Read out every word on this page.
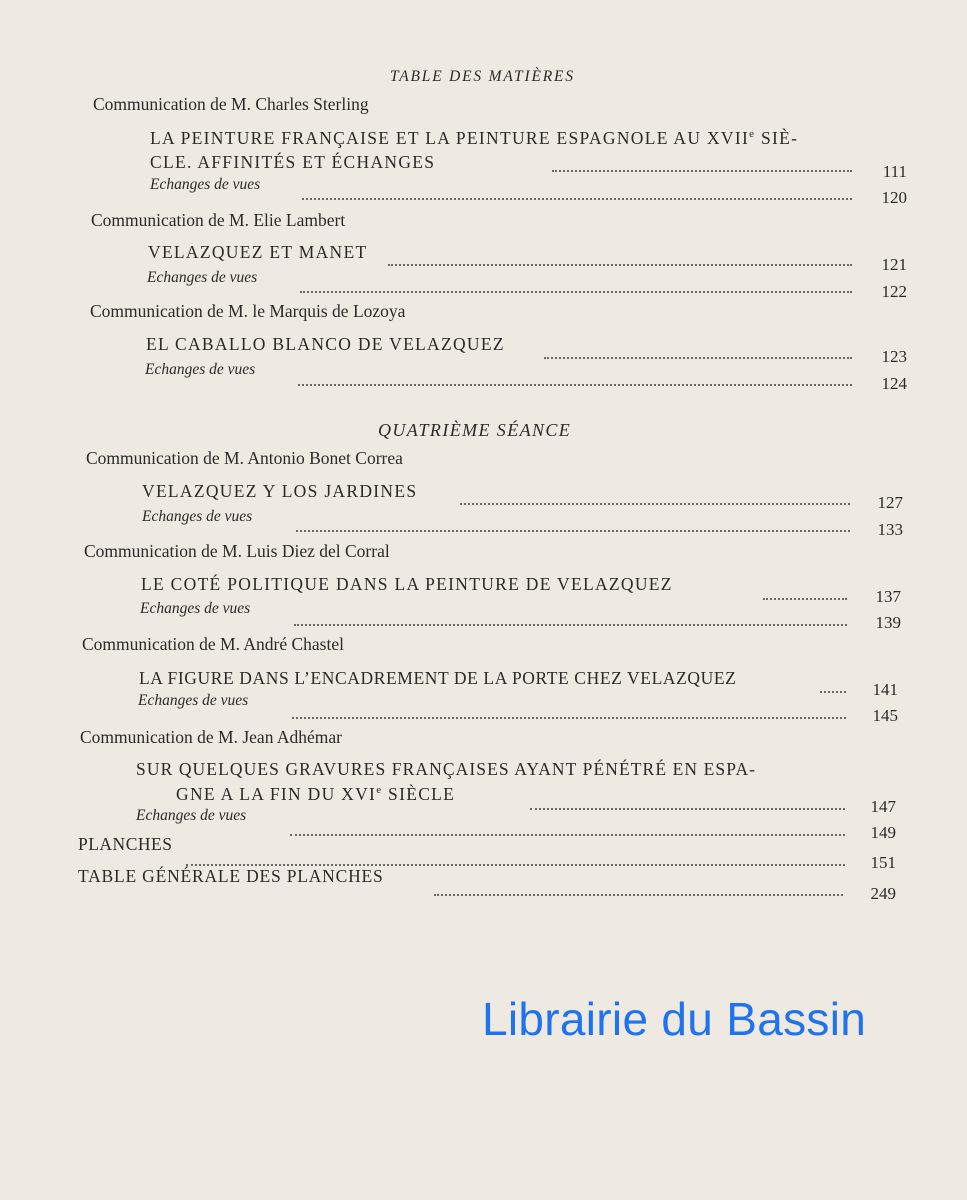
TABLE DES MATIÈRES
Communication de M. Charles Sterling
LA PEINTURE FRANÇAISE ET LA PEINTURE ESPAGNOLE AU XVIIe SIÈ-
CLE. AFFINITÉS ET ÉCHANGES	111
Echanges de vues
120
Communication de M. Elie Lambert
VELAZQUEZ ET MANET
121
Echanges de vues
122
Communication de M. le Marquis de Lozoya
EL CABALLO BLANCO DE VELAZQUEZ
123
Echanges de vues
124
QUATRIÈME SÉANCE
Communication de M. Antonio Bonet Correa
VELAZQUEZ Y LOS JARDINES
127
Echanges de vues
133
Communication de M. Luis Diez del Corral
LE COTÉ POLITIQUE DANS LA PEINTURE DE VELAZQUEZ
137
Echanges de vues
139
Communication de M. André Chastel
LA FIGURE DANS L’ENCADREMENT DE LA PORTE CHEZ VELAZQUEZ
141
Echanges de vues
145
Communication de M. Jean Adhémar
SUR QUELQUES GRAVURES FRANÇAISES AYANT PÉNÉTRÉ EN ESPA-
GNE A LA FIN DU XVIe SIÈCLE
147
Echanges de vues
149
PLANCHES
151
TABLE GÉNÉRALE DES PLANCHES
249
Librairie du Bassin
